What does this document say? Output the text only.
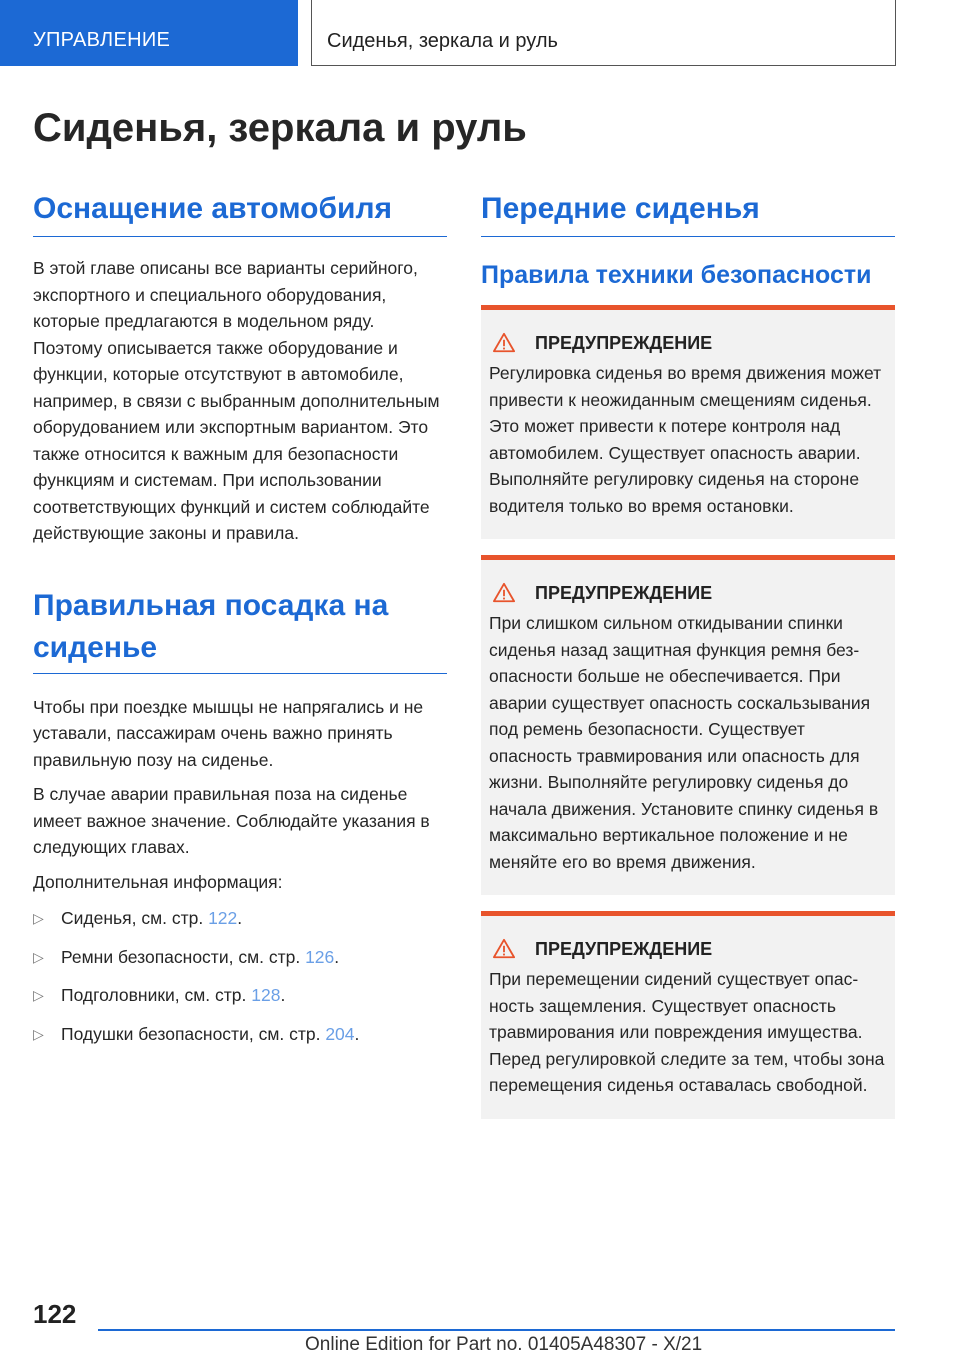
УПРАВЛЕНИЕ	Сиденья, зеркала и руль
Сиденья, зеркала и руль
Оснащение автомобиля

В этой главе описаны все варианты серийного, экспортного и специального оборудования, которые предлагаются в модельном ряду. Поэтому описывается также оборудование и функции, которые отсутствуют в автомобиле, например, в связи с выбранным дополнительным оборудованием или экспортным вариантом. Это также относится к важным для безопасности функциям и системам. При использовании соответствующих функций и систем соблюдайте действующие законы и правила.

Правильная посадка на сиденье

Чтобы при поездке мышцы не напрягались и не уставали, пассажирам очень важно принять правильную позу на сиденье.

В случае аварии правильная поза на сиденье имеет важное значение. Соблюдайте указания в следующих главах.

Дополнительная информация:

▷ Сиденья, см. стр. 122.
▷ Ремни безопасности, см. стр. 126.
▷ Подголовники, см. стр. 128.
▷ Подушки безопасности, см. стр. 204.
Передние сиденья
Правила техники безопасности
ПРЕДУПРЕЖДЕНИЕ

Регулировка сиденья во время движения может привести к неожиданным смещениям сиденья. Это может привести к потере контроля над автомобилем. Существует опасность аварии. Выполняйте регулировку сиденья на стороне водителя только во время остановки.

ПРЕДУПРЕЖДЕНИЕ

При слишком сильном откидывании спинки сиденья назад защитная функция ремня безопасности больше не обеспечивается. При аварии существует опасность соскальзывания под ремень безопасности. Существует опасность травмирования или опасность для жизни. Выполняйте регулировку сиденья до начала движения. Установите спинку сиденья в максимально вертикальное положение и не меняйте его во время движения.

ПРЕДУПРЕЖДЕНИЕ

При перемещении сидений существует опасность защемления. Существует опасность травмирования или повреждения имущества. Перед регулировкой следите за тем, чтобы зона перемещения сиденья оставалась свободной.

122
Online Edition for Part no. 01405A48307 - X/21
